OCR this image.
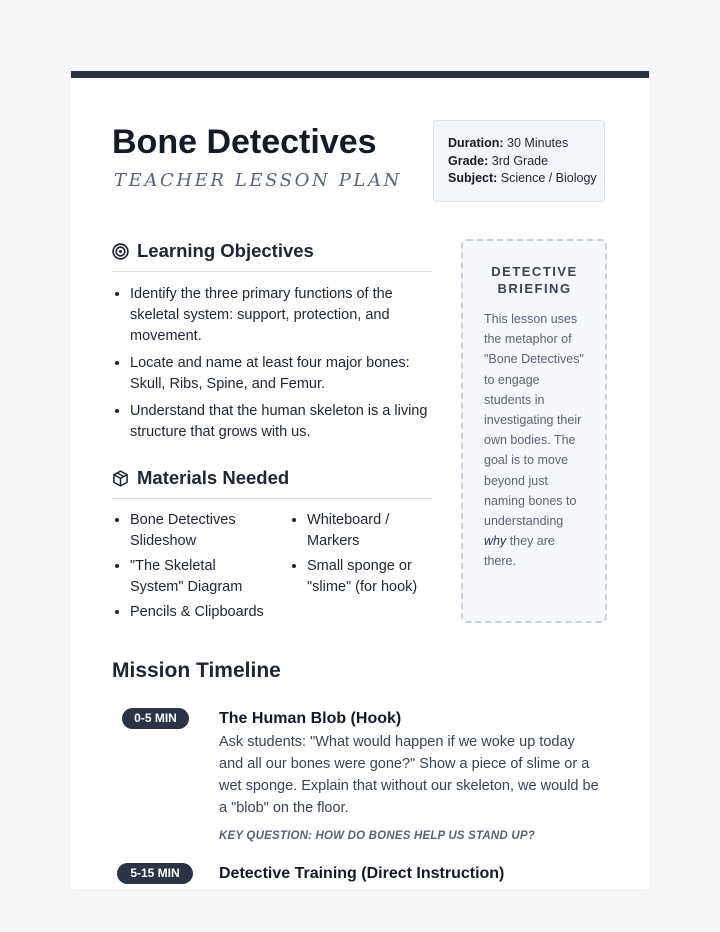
Bone Detectives
TEACHER LESSON PLAN
Duration: 30 Minutes
Grade: 3rd Grade
Subject: Science / Biology
Learning Objectives
• Identify the three primary functions of the skeletal system: support, protection, and movement.
• Locate and name at least four major bones: Skull, Ribs, Spine, and Femur.
• Understand that the human skeleton is a living structure that grows with us.
Materials Needed
• Bone Detectives Slideshow
• "The Skeletal System" Diagram
• Pencils & Clipboards
• Whiteboard / Markers
• Small sponge or "slime" (for hook)
DETECTIVE BRIEFING
This lesson uses the metaphor of "Bone Detectives" to engage students in investigating their own bodies. The goal is to move beyond just naming bones to understanding why they are there.
Mission Timeline
0-5 MIN	The Human Blob (Hook)
Ask students: "What would happen if we woke up today and all our bones were gone?" Show a piece of slime or a wet sponge. Explain that without our skeleton, we would be a "blob" on the floor.
KEY QUESTION: HOW DO BONES HELP US STAND UP?
5-15 MIN	Detective Training (Direct Instruction)
